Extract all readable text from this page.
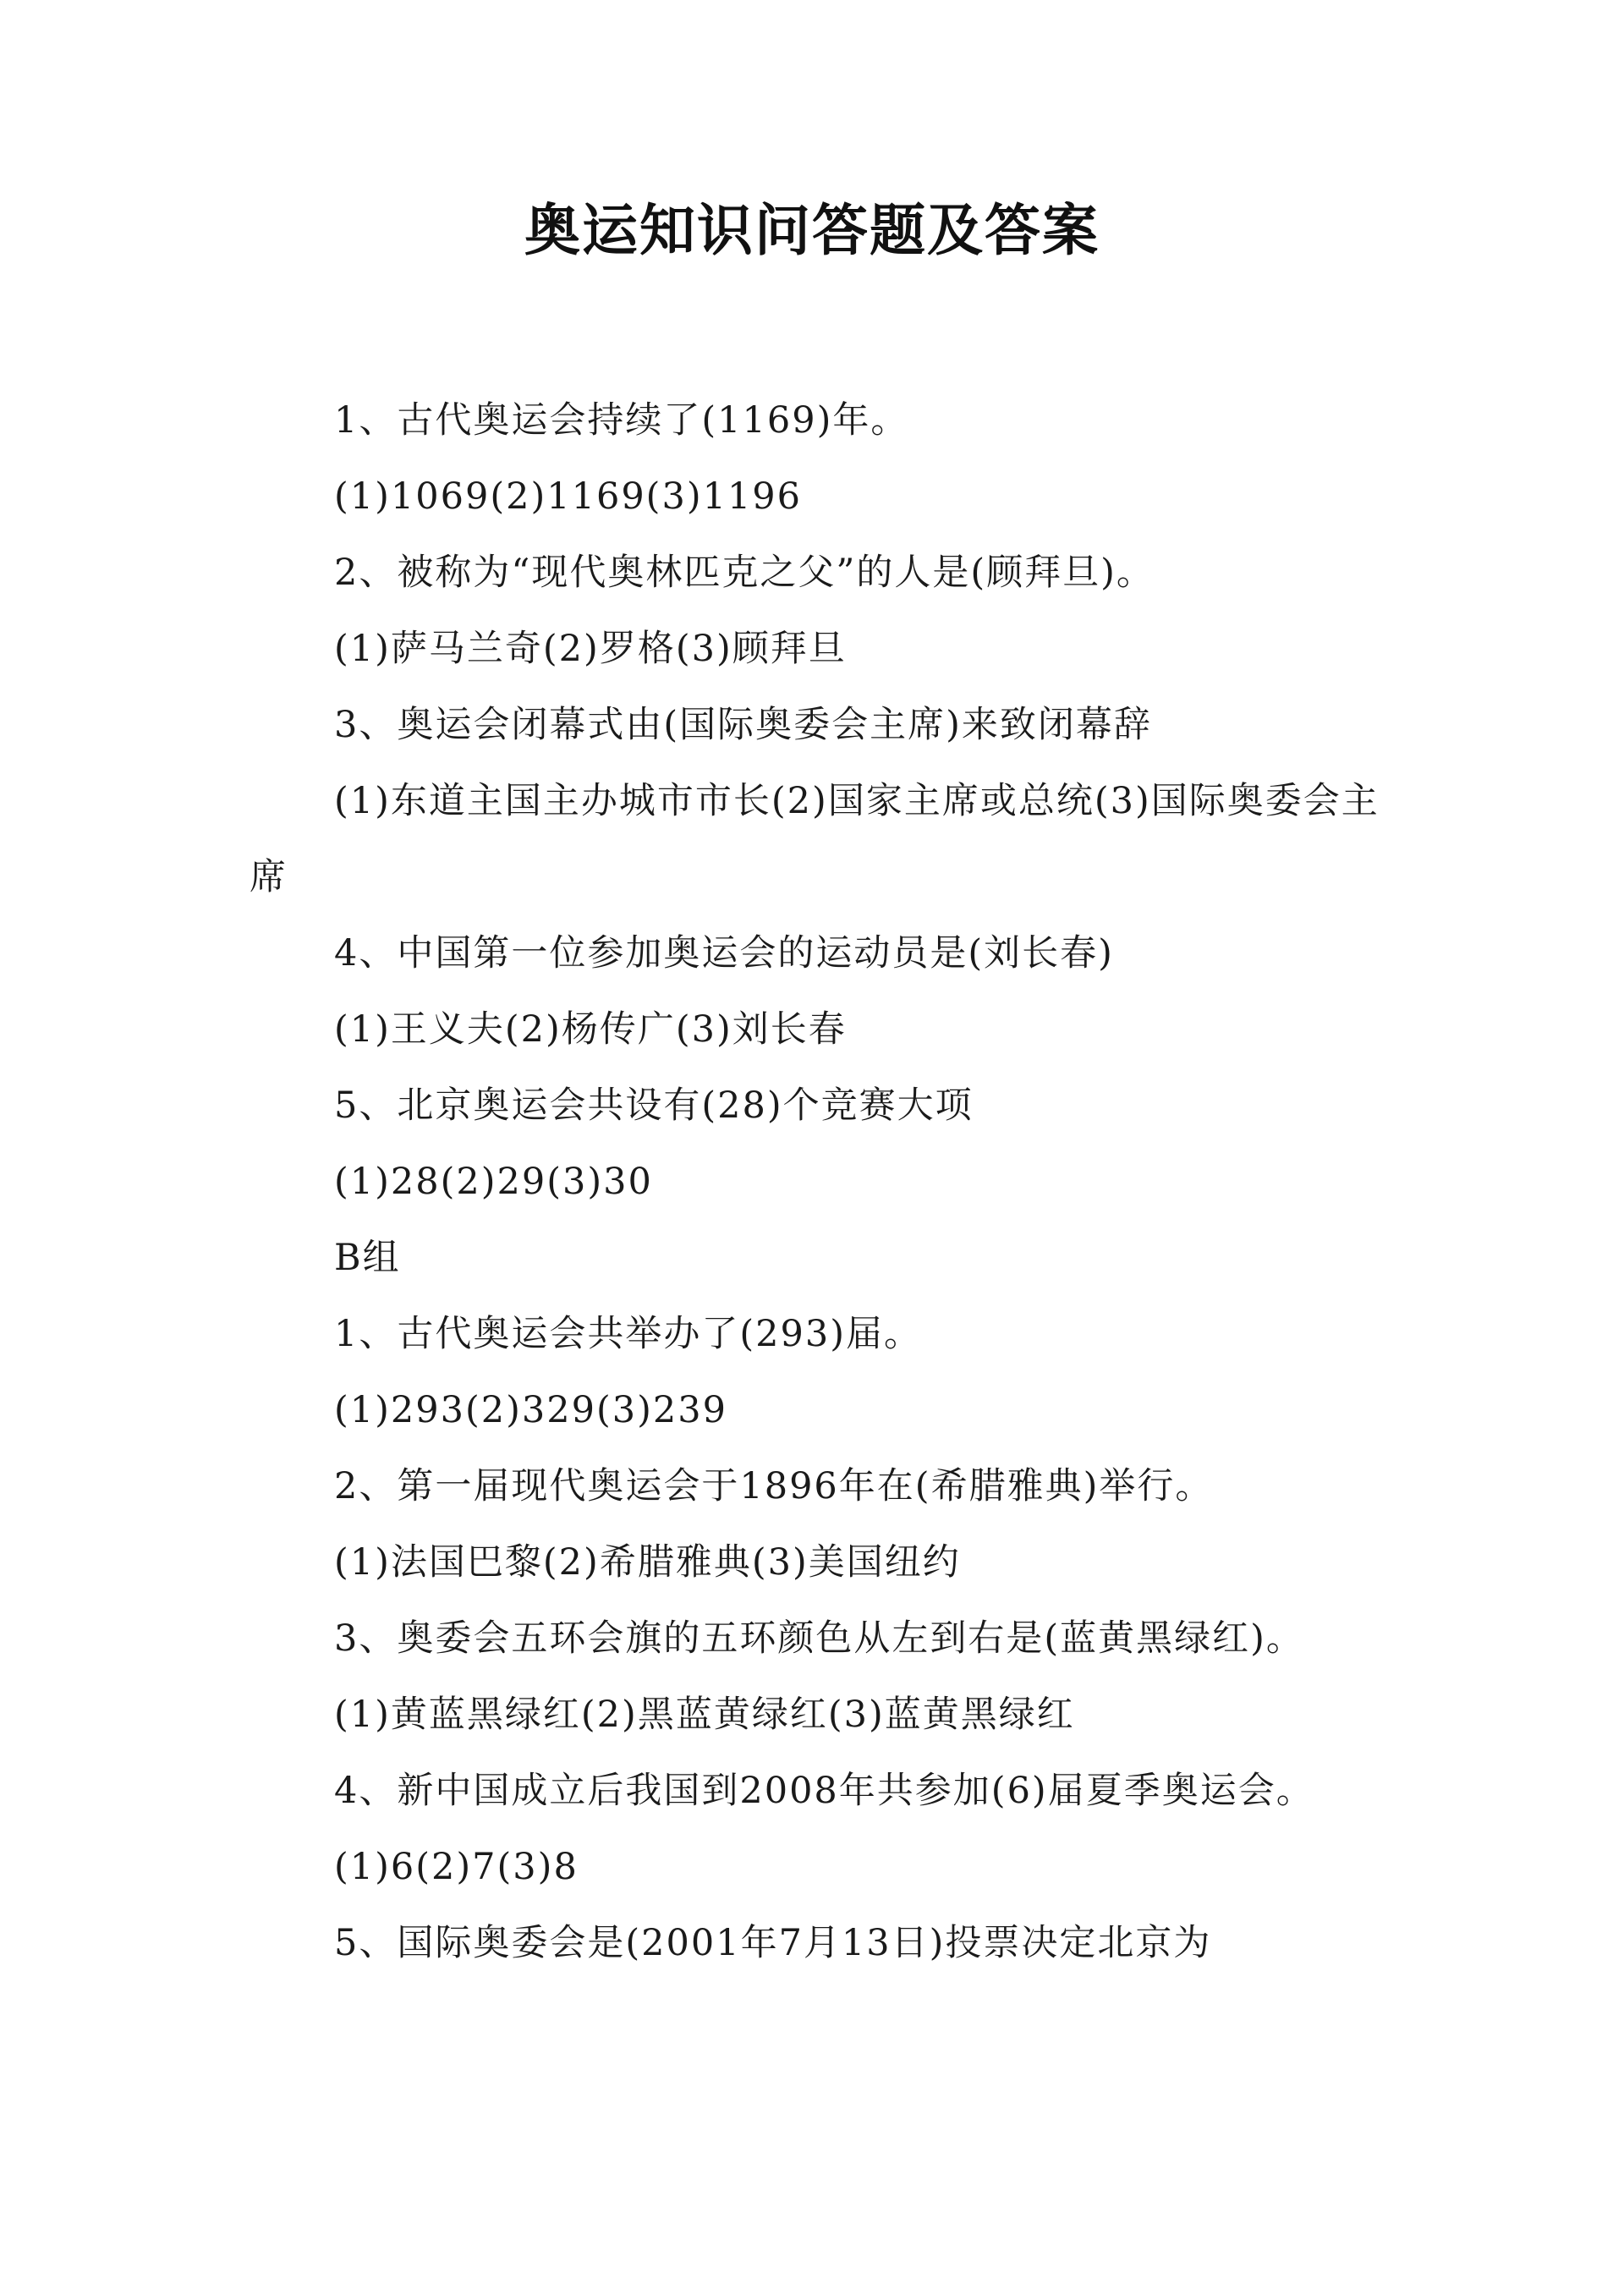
奥运知识问答题及答案

1、古代奥运会持续了(1169)年。

(1)1069(2)1169(3)1196

2、被称为“现代奥林匹克之父”的人是(顾拜旦)。

(1)萨马兰奇(2)罗格(3)顾拜旦

3、奥运会闭幕式由(国际奥委会主席)来致闭幕辞

(1)东道主国主办城市市长(2)国家主席或总统(3)国际奥委会主席

4、中国第一位参加奥运会的运动员是(刘长春)

(1)王义夫(2)杨传广(3)刘长春

5、北京奥运会共设有(28)个竞赛大项

(1)28(2)29(3)30

B组

1、古代奥运会共举办了(293)届。

(1)293(2)329(3)239

2、第一届现代奥运会于1896年在(希腊雅典)举行。

(1)法国巴黎(2)希腊雅典(3)美国纽约

3、奥委会五环会旗的五环颜色从左到右是(蓝黄黑绿红)。

(1)黄蓝黑绿红(2)黑蓝黄绿红(3)蓝黄黑绿红

4、新中国成立后我国到2008年共参加(6)届夏季奥运会。

(1)6(2)7(3)8

5、国际奥委会是(2001年7月13日)投票决定北京为
